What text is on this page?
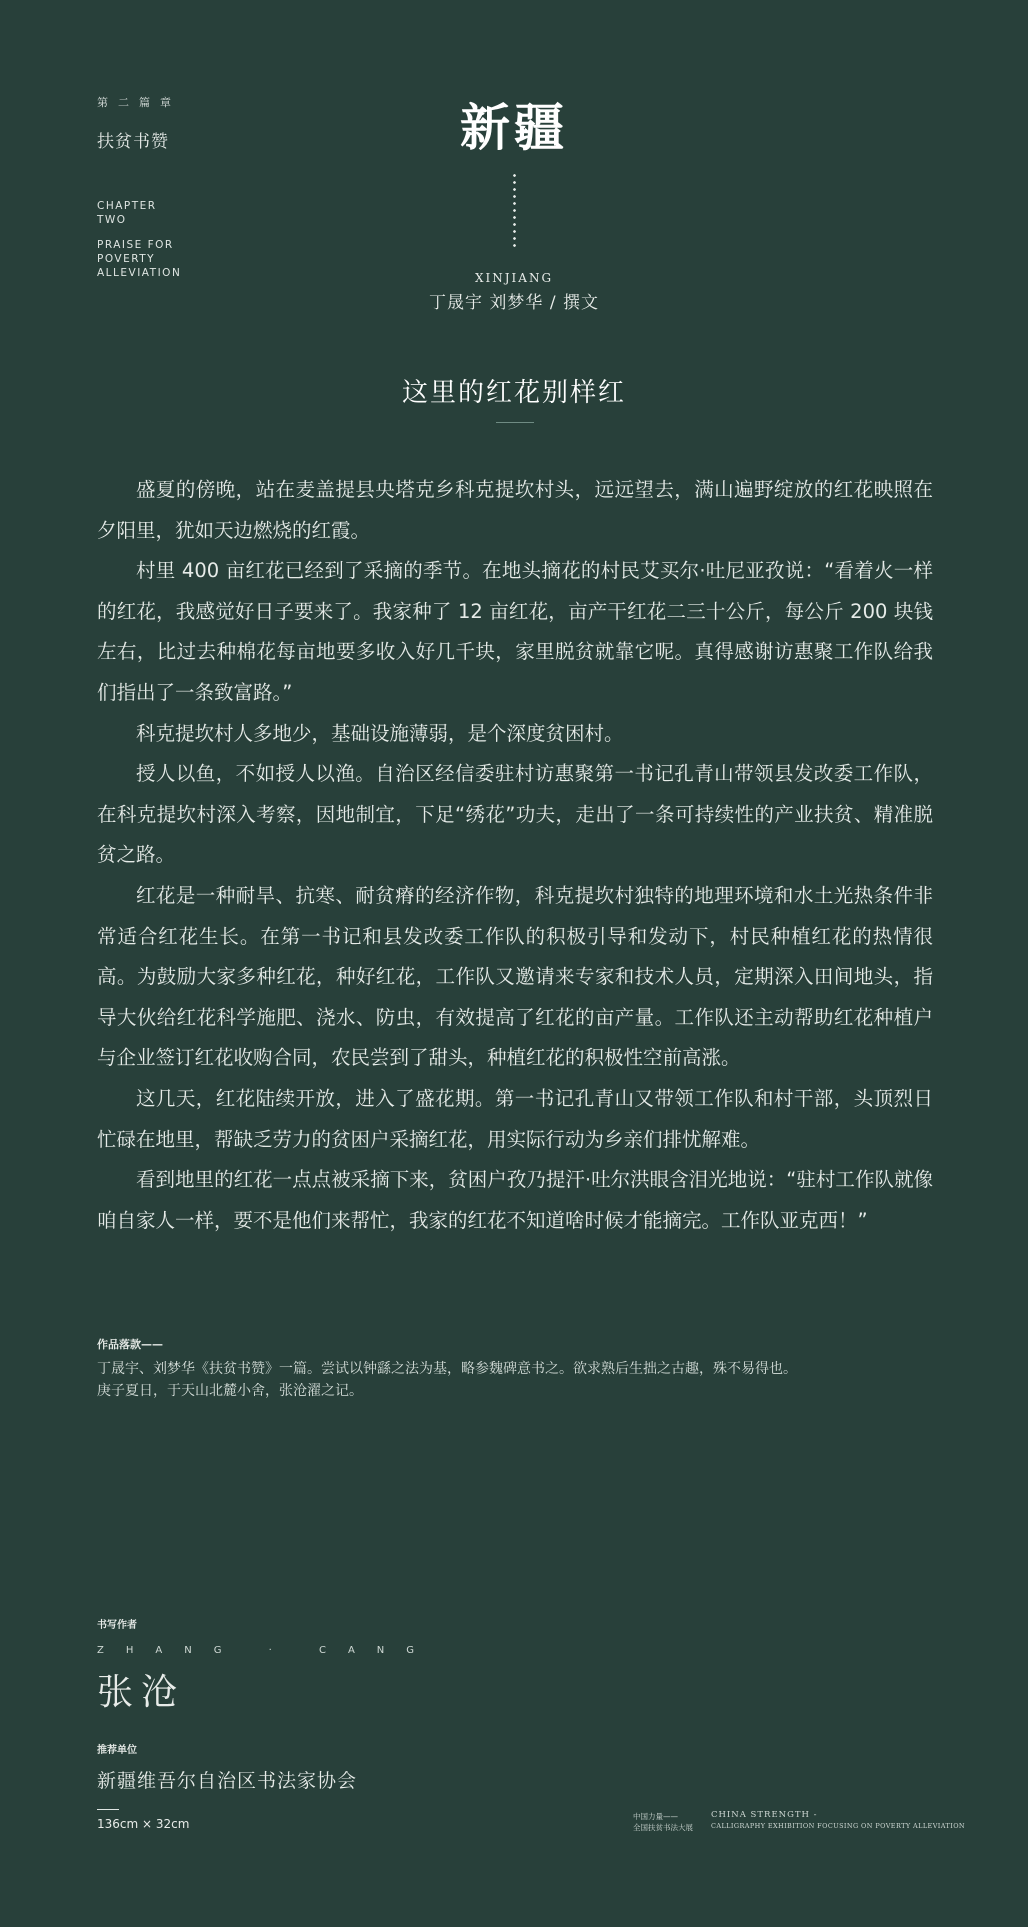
第二篇章
扶贫书赞
CHAPTER
TWO
PRAISE FOR
POVERTY
ALLEVIATION
新疆
XINJIANG
丁晟宇 刘梦华 / 撰文
这里的红花别样红

盛夏的傍晚，站在麦盖提县央塔克乡科克提坎村头，远远望去，满山遍野绽放的红花映照在夕阳里，犹如天边燃烧的红霞。

村里 400 亩红花已经到了采摘的季节。在地头摘花的村民艾买尔·吐尼亚孜说：“看着火一样的红花，我感觉好日子要来了。我家种了 12 亩红花，亩产干红花二三十公斤，每公斤 200 块钱左右，比过去种棉花每亩地要多收入好几千块，家里脱贫就靠它呢。真得感谢访惠聚工作队给我们指出了一条致富路。”

科克提坎村人多地少，基础设施薄弱，是个深度贫困村。

授人以鱼，不如授人以渔。自治区经信委驻村访惠聚第一书记孔青山带领县发改委工作队，在科克提坎村深入考察，因地制宜，下足“绣花”功夫，走出了一条可持续性的产业扶贫、精准脱贫之路。

红花是一种耐旱、抗寒、耐贫瘠的经济作物，科克提坎村独特的地理环境和水土光热条件非常适合红花生长。在第一书记和县发改委工作队的积极引导和发动下，村民种植红花的热情很高。为鼓励大家多种红花，种好红花，工作队又邀请来专家和技术人员，定期深入田间地头，指导大伙给红花科学施肥、浇水、防虫，有效提高了红花的亩产量。工作队还主动帮助红花种植户与企业签订红花收购合同，农民尝到了甜头，种植红花的积极性空前高涨。

这几天，红花陆续开放，进入了盛花期。第一书记孔青山又带领工作队和村干部，头顶烈日忙碌在地里，帮缺乏劳力的贫困户采摘红花，用实际行动为乡亲们排忧解难。

看到地里的红花一点点被采摘下来，贫困户孜乃提汗·吐尔洪眼含泪光地说：“驻村工作队就像咱自家人一样，要不是他们来帮忙，我家的红花不知道啥时候才能摘完。工作队亚克西！”

作品落款——
丁晟宇、刘梦华《扶贫书赞》一篇。尝试以钟繇之法为基，略参魏碑意书之。欲求熟后生拙之古趣，殊不易得也。
庚子夏日，于天山北麓小舍，张沧濯之记。
书写作者
ZHANG · CANG
张沧
推荐单位
新疆维吾尔自治区书法家协会
136cm × 32cm
中国力量——
全国扶贫书法大展
CHINA STRENGTH -
CALLIGRAPHY EXHIBITION FOCUSING ON POVERTY ALLEVIATION
